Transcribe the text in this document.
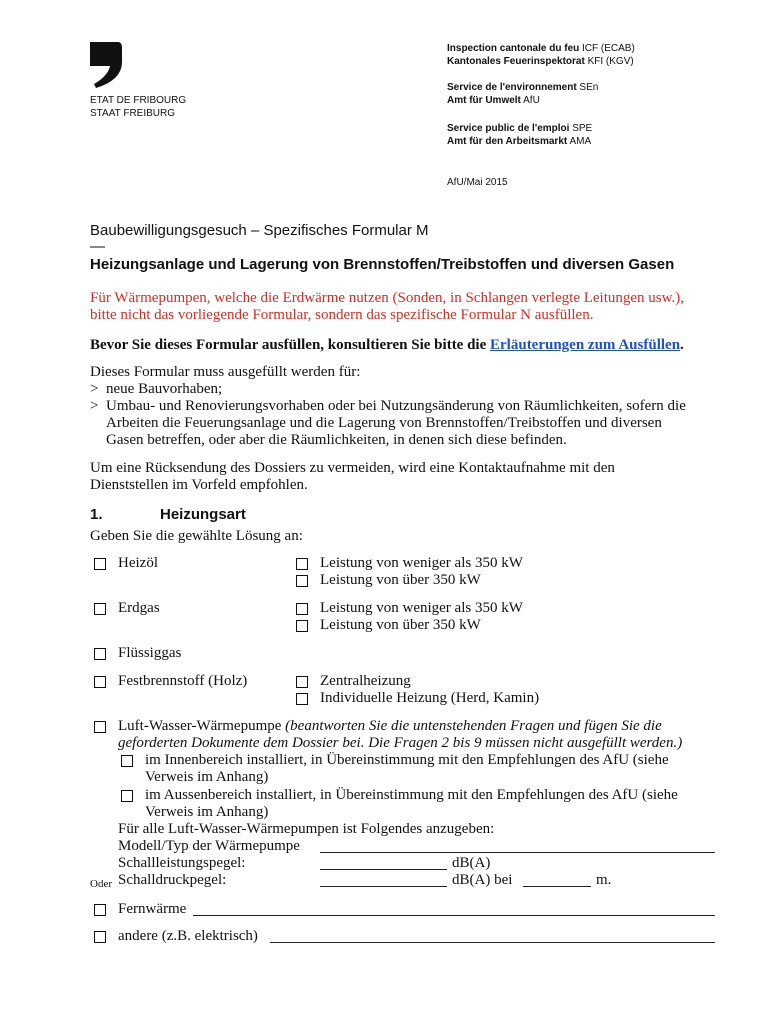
ETAT DE FRIBOURG
STAAT FREIBURG
Inspection cantonale du feu ICF (ECAB)
Kantonales Feuerinspektorat KFI (KGV)
Service de l'environnement SEn
Amt für Umwelt AfU
Service public de l'emploi SPE
Amt für den Arbeitsmarkt AMA
AfU/Mai 2015
Baubewilligungsgesuch – Spezifisches Formular M
—
Heizungsanlage und Lagerung von Brennstoffen/Treibstoffen und diversen Gasen
Für Wärmepumpen, welche die Erdwärme nutzen (Sonden, in Schlangen verlegte Leitungen usw.),
bitte nicht das vorliegende Formular, sondern das spezifische Formular N ausfüllen.
Bevor Sie dieses Formular ausfüllen, konsultieren Sie bitte die Erläuterungen zum Ausfüllen.
Dieses Formular muss ausgefüllt werden für:
> neue Bauvorhaben;
> Umbau- und Renovierungsvorhaben oder bei Nutzungsänderung von Räumlichkeiten, sofern die
Arbeiten die Feuerungsanlage und die Lagerung von Brennstoffen/Treibstoffen und diversen
Gasen betreffen, oder aber die Räumlichkeiten, in denen sich diese befinden.
Um eine Rücksendung des Dossiers zu vermeiden, wird eine Kontaktaufnahme mit den
Dienststellen im Vorfeld empfohlen.
1.	Heizungsart
Geben Sie die gewählte Lösung an:
Heizöl	Leistung von weniger als 350 kW
Leistung von über 350 kW
Erdgas	Leistung von weniger als 350 kW
Leistung von über 350 kW
Flüssiggas
Festbrennstoff (Holz)	Zentralheizung
Individuelle Heizung (Herd, Kamin)
Luft-Wasser-Wärmepumpe (beantworten Sie die untenstehenden Fragen und fügen Sie die
geforderten Dokumente dem Dossier bei. Die Fragen 2 bis 9 müssen nicht ausgefüllt werden.)
im Innenbereich installiert, in Übereinstimmung mit den Empfehlungen des AfU (siehe
Verweis im Anhang)
im Aussenbereich installiert, in Übereinstimmung mit den Empfehlungen des AfU (siehe
Verweis im Anhang)
Für alle Luft-Wasser-Wärmepumpen ist Folgendes anzugeben:
Modell/Typ der Wärmepumpe
Schallleistungspegel:	dB(A)
Oder Schalldruckpegel:	dB(A) bei	m.
Fernwärme
andere (z.B. elektrisch)
